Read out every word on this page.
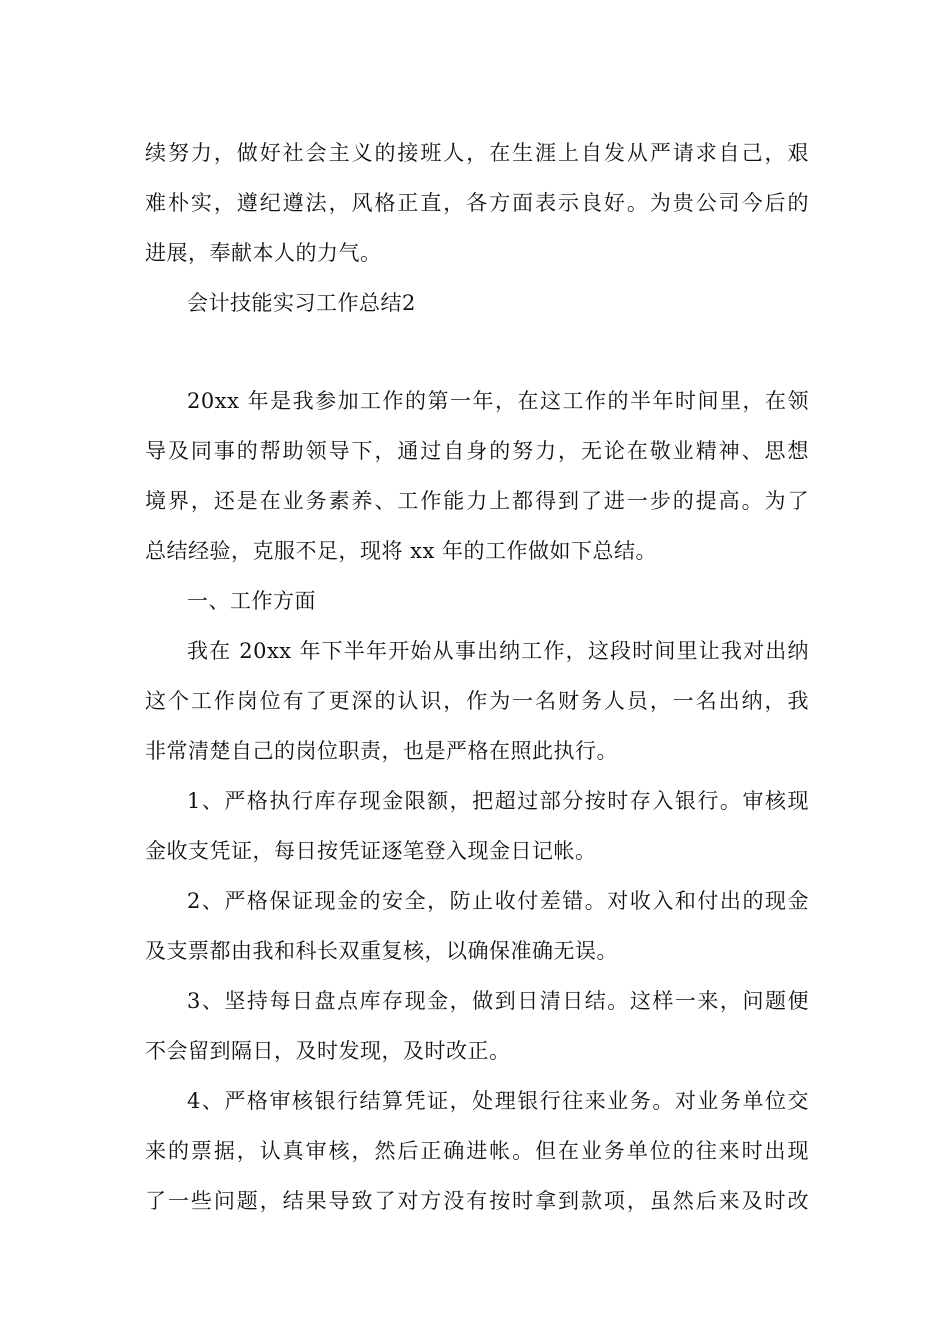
续努力，做好社会主义的接班人，在生涯上自发从严请求自己，艰
难朴实，遵纪遵法，风格正直，各方面表示良好。为贵公司今后的
进展，奉献本人的力气。
会计技能实习工作总结2
20xx 年是我参加工作的第一年，在这工作的半年时间里，在领
导及同事的帮助领导下，通过自身的努力，无论在敬业精神、思想
境界，还是在业务素养、工作能力上都得到了进一步的提高。为了
总结经验，克服不足，现将 xx 年的工作做如下总结。
一、工作方面
我在 20xx 年下半年开始从事出纳工作，这段时间里让我对出纳
这个工作岗位有了更深的认识，作为一名财务人员，一名出纳，我
非常清楚自己的岗位职责，也是严格在照此执行。
1、严格执行库存现金限额，把超过部分按时存入银行。审核现
金收支凭证，每日按凭证逐笔登入现金日记帐。
2、严格保证现金的安全，防止收付差错。对收入和付出的现金
及支票都由我和科长双重复核，以确保准确无误。
3、坚持每日盘点库存现金，做到日清日结。这样一来，问题便
不会留到隔日，及时发现，及时改正。
4、严格审核银行结算凭证，处理银行往来业务。对业务单位交
来的票据，认真审核，然后正确进帐。但在业务单位的往来时出现
了一些问题，结果导致了对方没有按时拿到款项，虽然后来及时改
